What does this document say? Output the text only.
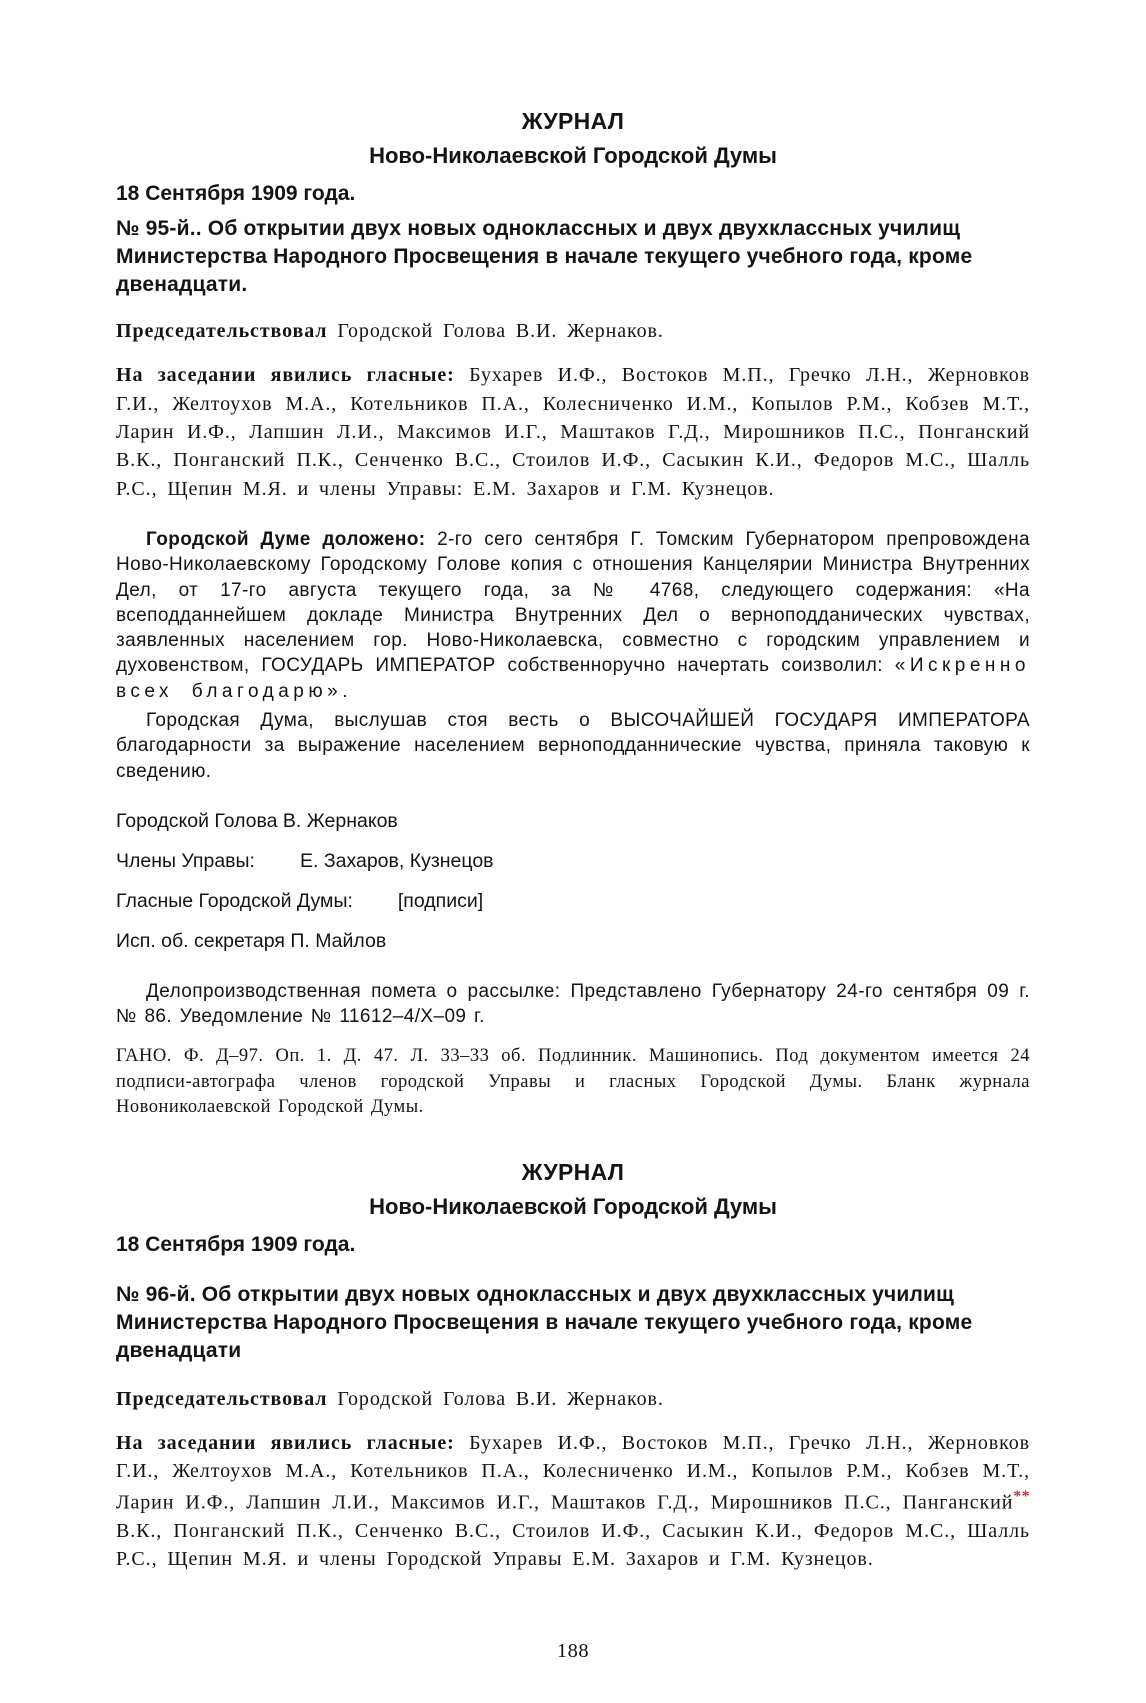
ЖУРНАЛ
Ново-Николаевской Городской Думы

18 Сентября 1909 года.

№ 95-й.. Об открытии двух новых одноклассных и двух двухклассных училищ Министерства Народного Просвещения в начале текущего учебного года, кроме двенадцати.

Председательствовал Городской Голова В.И. Жернаков.

На заседании явились гласные: Бухарев И.Ф., Востоков М.П., Гречко Л.Н., Жерновков Г.И., Желтоухов М.А., Котельников П.А., Колесниченко И.М., Копылов Р.М., Кобзев М.Т., Ларин И.Ф., Лапшин Л.И., Максимов И.Г., Маштаков Г.Д., Мирошников П.С., Понганский В.К., Понганский П.К., Сенченко В.С., Стоилов И.Ф., Сасыкин К.И., Федоров М.С., Шалль Р.С., Щепин М.Я. и члены Управы: Е.М. Захаров и Г.М. Кузнецов.

Городской Думе доложено: 2-го сего сентября Г. Томским Губернатором препровождена Ново-Николаевскому Городскому Голове копия с отношения Канцелярии Министра Внутренних Дел, от 17-го августа текущего года, за № 4768, следующего содержания: «На всеподданнейшем докладе Министра Внутренних Дел о верноподданических чувствах, заявленных населением гор. Ново-Николаевска, совместно с городским управлением и духовенством, ГОСУДАРЬ ИМПЕРАТОР собственноручно начертать соизволил: «Искренно всех благодарю».

Городская Дума, выслушав стоя весть о ВЫСОЧАЙШЕЙ ГОСУДАРЯ ИМПЕРАТОРА благодарности за выражение населением верноподданнические чувства, приняла таковую к сведению.

Городской Голова В. Жернаков

Члены Управы: Е. Захаров, Кузнецов

Гласные Городской Думы: [подписи]

Исп. об. секретаря П. Майлов

Делопроизводственная помета о рассылке: Представлено Губернатору 24-го сентября 09 г. № 86. Уведомление № 11612–4/Х–09 г.

ГАНО. Ф. Д–97. Оп. 1. Д. 47. Л. 33–33 об. Подлинник. Машинопись. Под документом имеется 24 подписи-автографа членов городской Управы и гласных Городской Думы. Бланк журнала Новониколаевской Городской Думы.

ЖУРНАЛ
Ново-Николаевской Городской Думы

18 Сентября 1909 года.

№ 96-й. Об открытии двух новых одноклассных и двух двухклассных училищ Министерства Народного Просвещения в начале текущего учебного года, кроме двенадцати

Председательствовал Городской Голова В.И. Жернаков.

На заседании явились гласные: Бухарев И.Ф., Востоков М.П., Гречко Л.Н., Жерновков Г.И., Желтоухов М.А., Котельников П.А., Колесниченко И.М., Копылов Р.М., Кобзев М.Т., Ларин И.Ф., Лапшин Л.И., Максимов И.Г., Маштаков Г.Д., Мирошников П.С., Панганский** В.К., Понганский П.К., Сенченко В.С., Стоилов И.Ф., Сасыкин К.И., Федоров М.С., Шалль Р.С., Щепин М.Я. и члены Городской Управы Е.М. Захаров и Г.М. Кузнецов.

188
